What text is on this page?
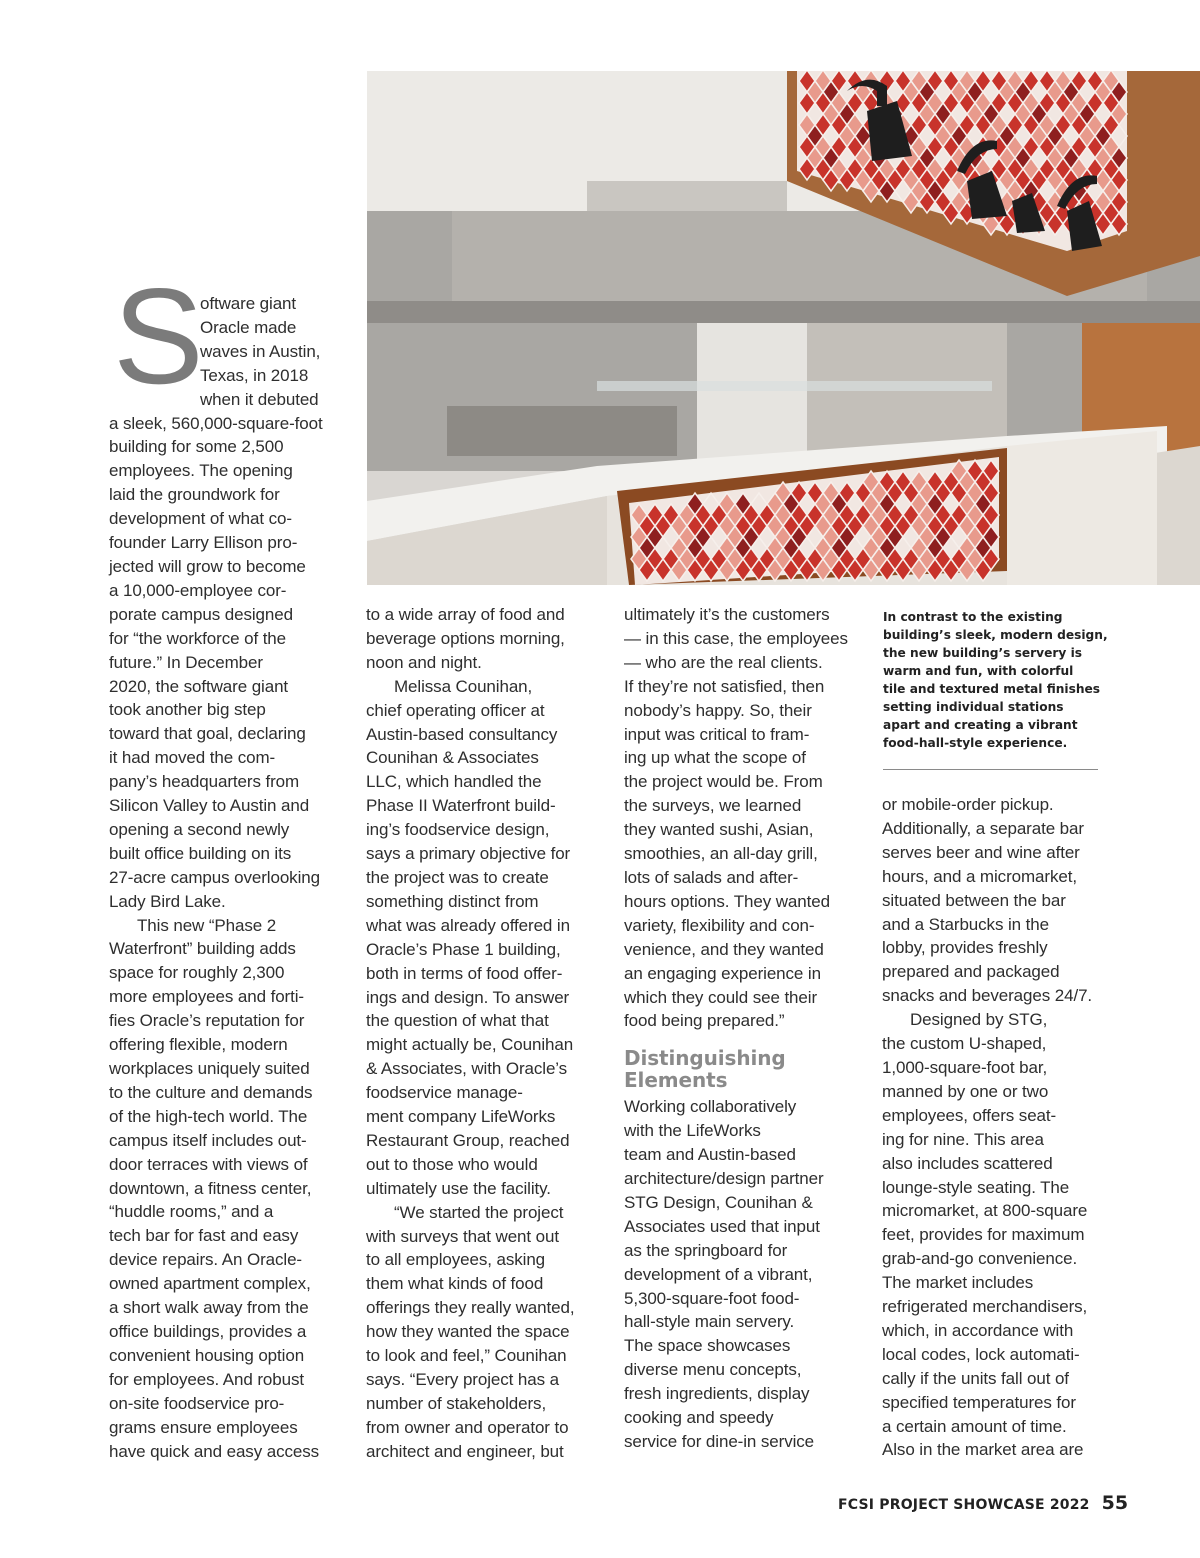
S

oftware giant
Oracle made
waves in Austin,
Texas, in 2018
when it debuted
a sleek, 560,000-square-foot
building for some 2,500
employees. The opening
laid the groundwork for
development of what co-
founder Larry Ellison pro-
jected will grow to become
a 10,000-employee cor-
porate campus designed
for “the workforce of the
future.” In December
2020, the software giant
took another big step
toward that goal, declaring
it had moved the com-
pany’s headquarters from
Silicon Valley to Austin and
opening a second newly
built office building on its
27-acre campus overlooking
Lady Bird Lake.

This new “Phase 2
Waterfront” building adds
space for roughly 2,300
more employees and forti-
fies Oracle’s reputation for
offering flexible, modern
workplaces uniquely suited
to the culture and demands
of the high-tech world. The
campus itself includes out-
door terraces with views of
downtown, a fitness center,
“huddle rooms,” and a
tech bar for fast and easy
device repairs. An Oracle-
owned apartment complex,
a short walk away from the
office buildings, provides a
convenient housing option
for employees. And robust
on-site foodservice pro-
grams ensure employees
have quick and easy access

to a wide array of food and
beverage options morning,
noon and night.

Melissa Counihan,
chief operating officer at
Austin-based consultancy
Counihan & Associates
LLC, which handled the
Phase II Waterfront build-
ing’s foodservice design,
says a primary objective for
the project was to create
something distinct from
what was already offered in
Oracle’s Phase 1 building,
both in terms of food offer-
ings and design. To answer
the question of what that
might actually be, Counihan
& Associates, with Oracle’s
foodservice manage-
ment company LifeWorks
Restaurant Group, reached
out to those who would
ultimately use the facility.

“We started the project
with surveys that went out
to all employees, asking
them what kinds of food
offerings they really wanted,
how they wanted the space
to look and feel,” Counihan
says. “Every project has a
number of stakeholders,
from owner and operator to
architect and engineer, but

ultimately it’s the customers
— in this case, the employees
— who are the real clients.
If they’re not satisfied, then
nobody’s happy. So, their
input was critical to fram-
ing up what the scope of
the project would be. From
the surveys, we learned
they wanted sushi, Asian,
smoothies, an all-day grill,
lots of salads and after-
hours options. They wanted
variety, flexibility and con-
venience, and they wanted
an engaging experience in
which they could see their
food being prepared.”

Distinguishing
Elements

Working collaboratively
with the LifeWorks
team and Austin-based
architecture/design partner
STG Design, Counihan &
Associates used that input
as the springboard for
development of a vibrant,
5,300-square-foot food-
hall-style main servery.
The space showcases
diverse menu concepts,
fresh ingredients, display
cooking and speedy
service for dine-in service

In contrast to the existing
building’s sleek, modern design,
the new building’s servery is
warm and fun, with colorful
tile and textured metal finishes
setting individual stations
apart and creating a vibrant
food-hall-style experience.

or mobile-order pickup.
Additionally, a separate bar
serves beer and wine after
hours, and a micromarket,
situated between the bar
and a Starbucks in the
lobby, provides freshly
prepared and packaged
snacks and beverages 24/7.

Designed by STG,
the custom U-shaped,
1,000-square-foot bar,
manned by one or two
employees, offers seat-
ing for nine. This area
also includes scattered
lounge-style seating. The
micromarket, at 800-square
feet, provides for maximum
grab-and-go convenience.
The market includes
refrigerated merchandisers,
which, in accordance with
local codes, lock automati-
cally if the units fall out of
specified temperatures for
a certain amount of time.
Also in the market area are

FCSI PROJECT SHOWCASE 2022 55
